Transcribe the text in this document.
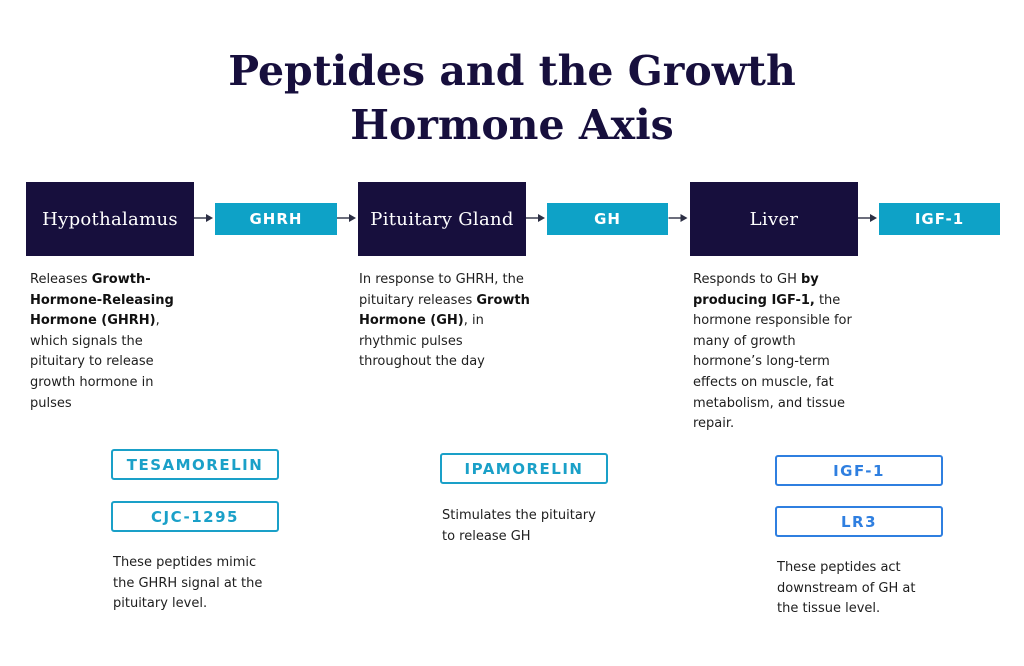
Peptides and the Growth
Hormone Axis
Hypothalamus	GHRH	Pituitary Gland	GH	Liver	IGF-1

Releases Growth-Hormone-Releasing Hormone (GHRH), which signals the pituitary to release growth hormone in pulses

In response to GHRH, the pituitary releases Growth Hormone (GH), in rhythmic pulses throughout the day

Responds to GH by producing IGF-1, the hormone responsible for many of growth hormone’s long-term effects on muscle, fat metabolism, and tissue repair.

TESAMORELIN
CJC-1295

These peptides mimic the GHRH signal at the pituitary level.

IPAMORELIN

Stimulates the pituitary to release GH

IGF-1
LR3

These peptides act downstream of GH at the tissue level.
